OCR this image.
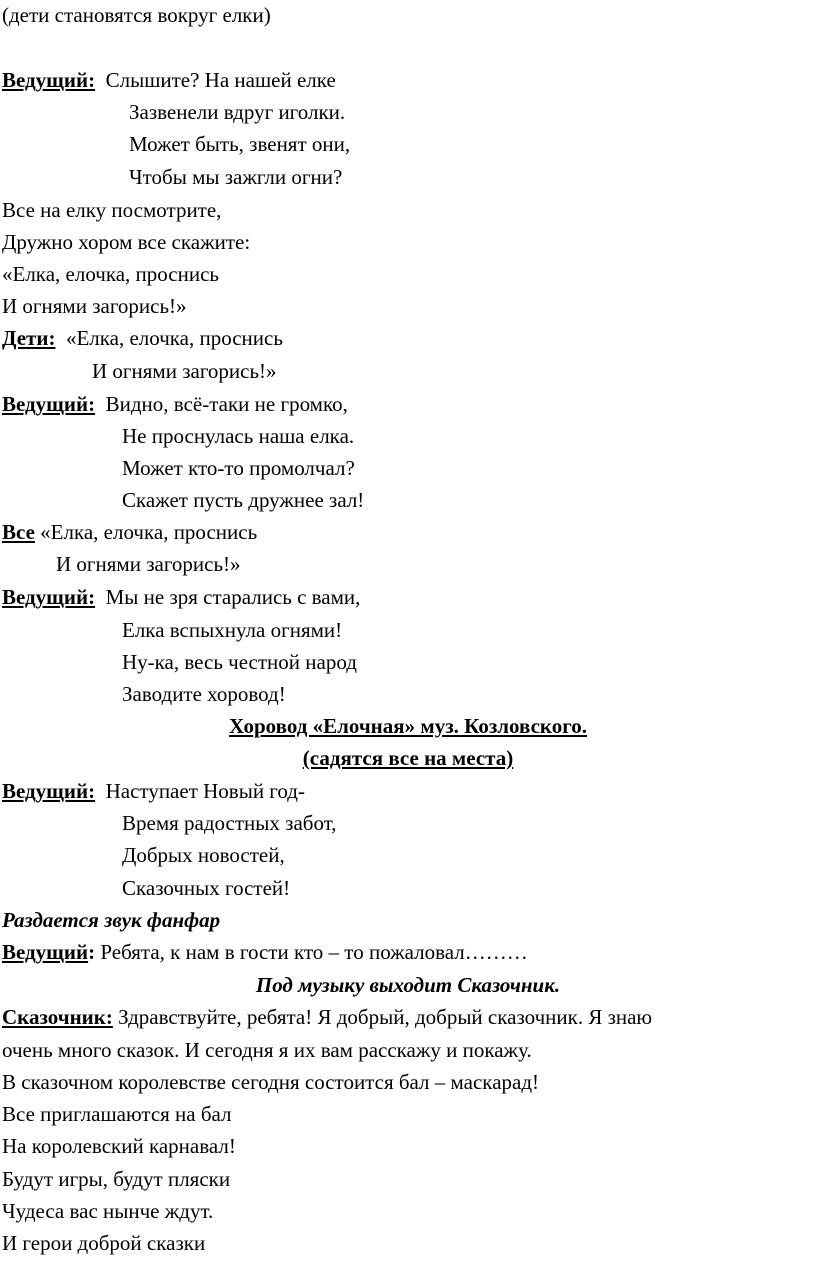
(дети становятся вокруг елки)
Ведущий: Слышите? На нашей елке
Зазвенели вдруг иголки.
Может быть, звенят они,
Чтобы мы зажгли огни?
Все на елку посмотрите,
Дружно хором все скажите:
«Елка, елочка, проснись
И огнями загорись!»
Дети: «Елка, елочка, проснись
И огнями загорись!»
Ведущий: Видно, всё-таки не громко,
Не проснулась наша елка.
Может кто-то промолчал?
Скажет пусть дружнее зал!
Все «Елка, елочка, проснись
И огнями загорись!»
Ведущий: Мы не зря старались с вами,
Елка вспыхнула огнями!
Ну-ка, весь честной народ
Заводите хоровод!
Хоровод «Елочная» муз. Козловского.
(садятся все на места)
Ведущий: Наступает Новый год-
Время радостных забот,
Добрых новостей,
Сказочных гостей!
Раздается звук фанфар
Ведущий: Ребята, к нам в гости кто – то пожаловал………
Под музыку выходит Сказочник.
Сказочник: Здравствуйте, ребята! Я добрый, добрый сказочник. Я знаю
очень много сказок. И сегодня я их вам расскажу и покажу.
В сказочном королевстве сегодня состоится бал – маскарад!
Все приглашаются на бал
На королевский карнавал!
Будут игры, будут пляски
Чудеса вас нынче ждут.
И герои доброй сказки
